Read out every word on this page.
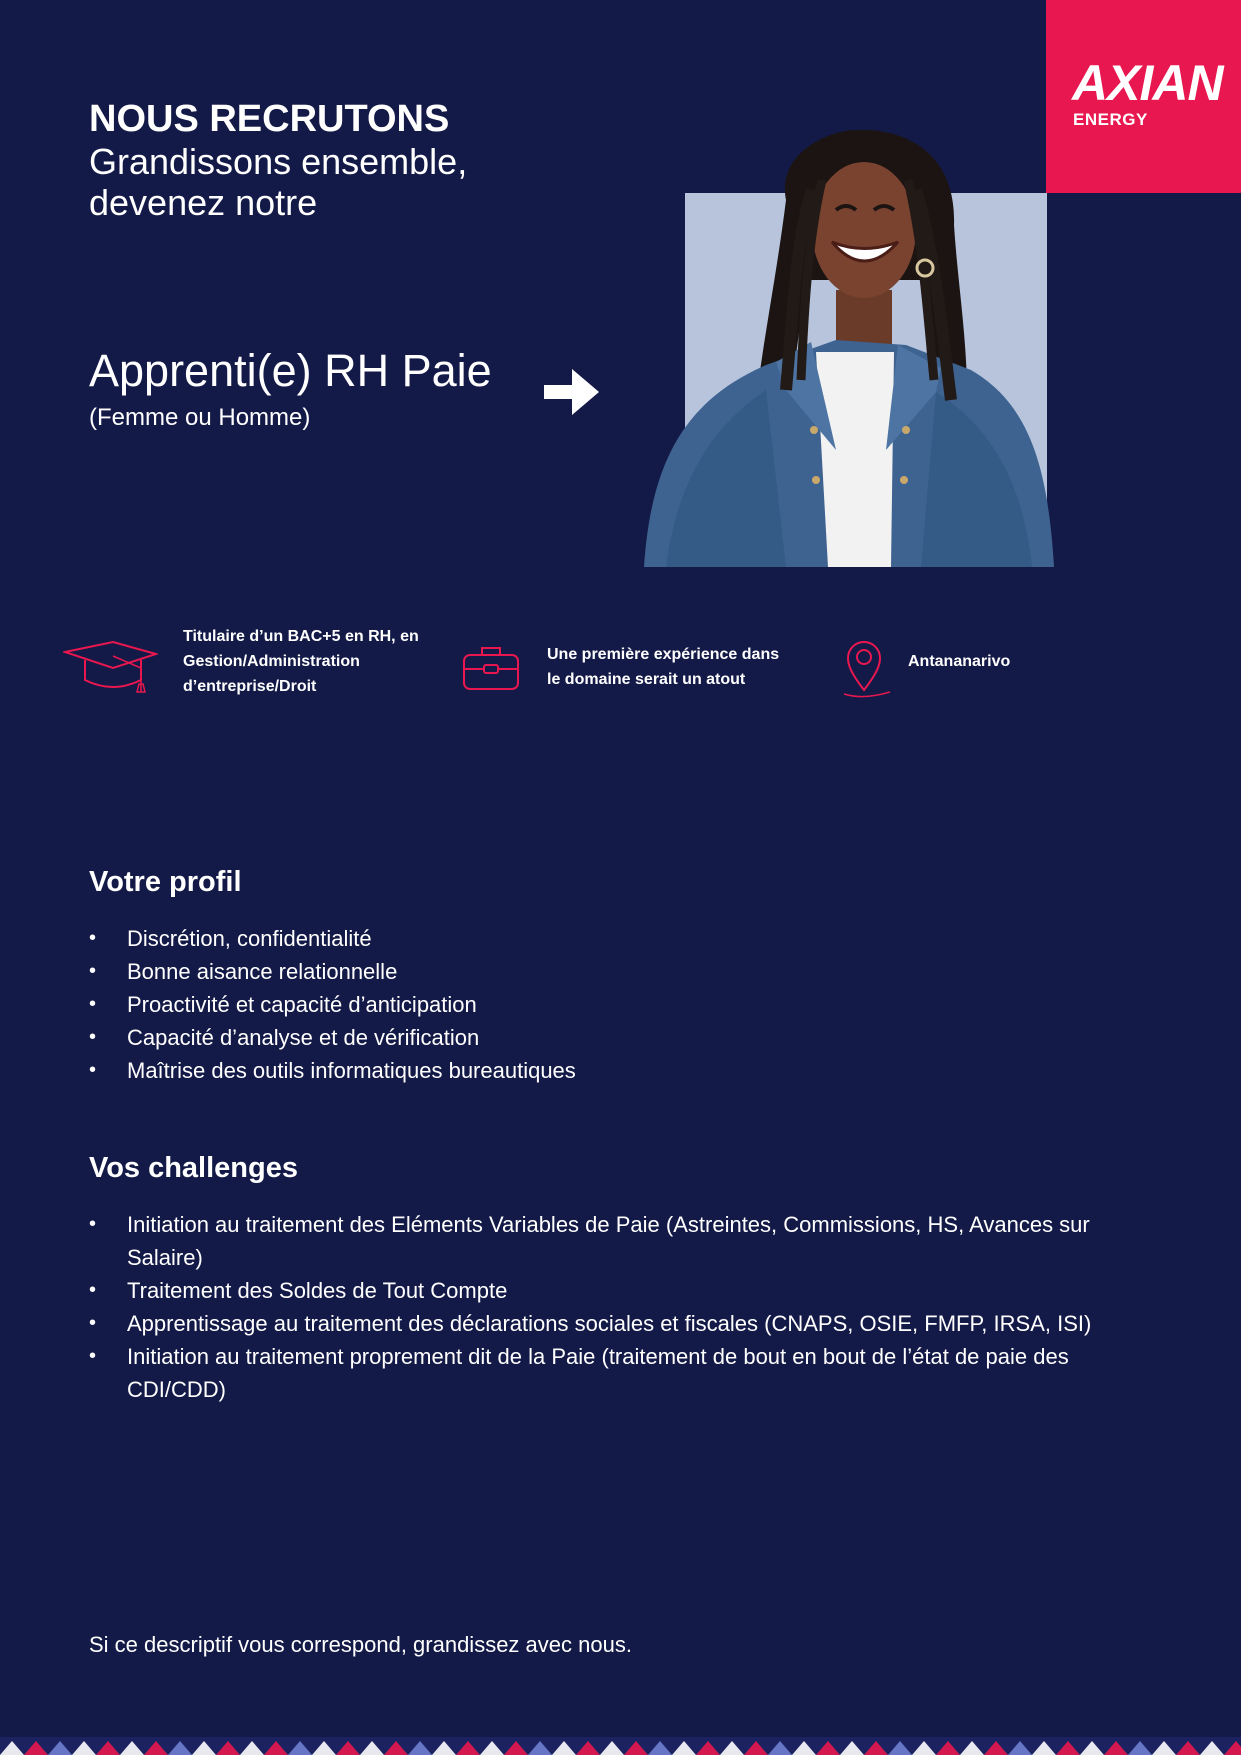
AXIAN
ENERGY
NOUS RECRUTONS
Grandissons ensemble,
devenez notre
Apprenti(e) RH Paie
(Femme ou Homme)
Titulaire d’un BAC+5 en RH, en
Gestion/Administration
d’entreprise/Droit
Une première expérience dans
le domaine serait un atout
Antananarivo
Votre profil
• Discrétion, confidentialité
• Bonne aisance relationnelle
• Proactivité et capacité d’anticipation
• Capacité d’analyse et de vérification
• Maîtrise des outils informatiques bureautiques
Vos challenges
• Initiation au traitement des Eléments Variables de Paie (Astreintes, Commissions, HS, Avances sur Salaire)
• Traitement des Soldes de Tout Compte
• Apprentissage au traitement des déclarations sociales et fiscales (CNAPS, OSIE, FMFP, IRSA, ISI)
• Initiation au traitement proprement dit de la Paie (traitement de bout en bout de l’état de paie des CDI/CDD)
Si ce descriptif vous correspond, grandissez avec nous.
